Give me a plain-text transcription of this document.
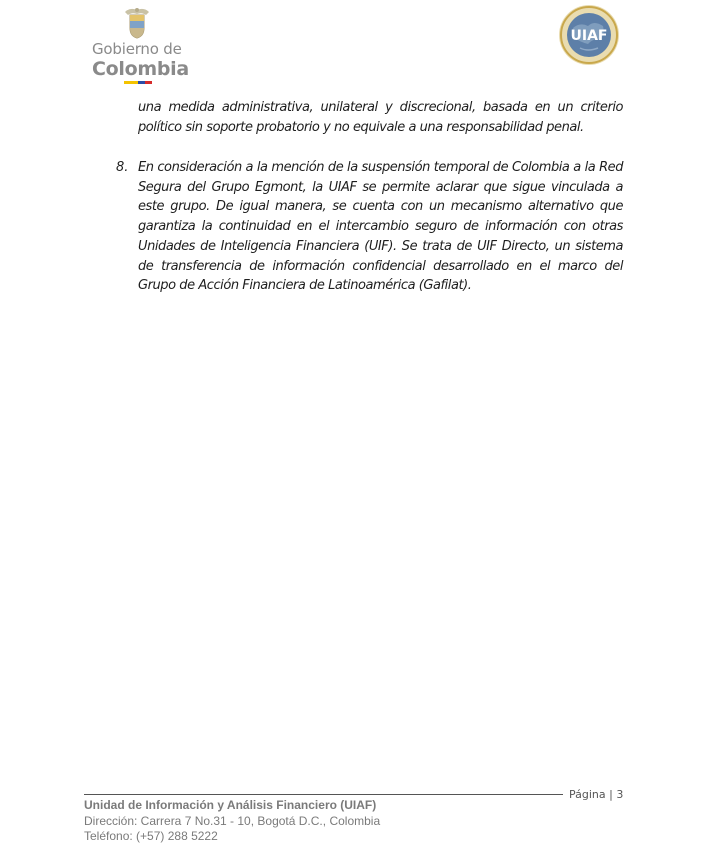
Gobierno de
Colombia
UIAF
una medida administrativa, unilateral y discrecional, basada en un criterio político sin soporte probatorio y no equivale a una responsabilidad penal.
8. En consideración a la mención de la suspensión temporal de Colombia a la Red Segura del Grupo Egmont, la UIAF se permite aclarar que sigue vinculada a este grupo. De igual manera, se cuenta con un mecanismo alternativo que garantiza la continuidad en el intercambio seguro de información con otras Unidades de Inteligencia Financiera (UIF). Se trata de UIF Directo, un sistema de transferencia de información confidencial desarrollado en el marco del Grupo de Acción Financiera de Latinoamérica (Gafilat).
Página | 3
Unidad de Información y Análisis Financiero (UIAF)
Dirección: Carrera 7 No.31 - 10, Bogotá D.C., Colombia
Teléfono: (+57) 288 5222
